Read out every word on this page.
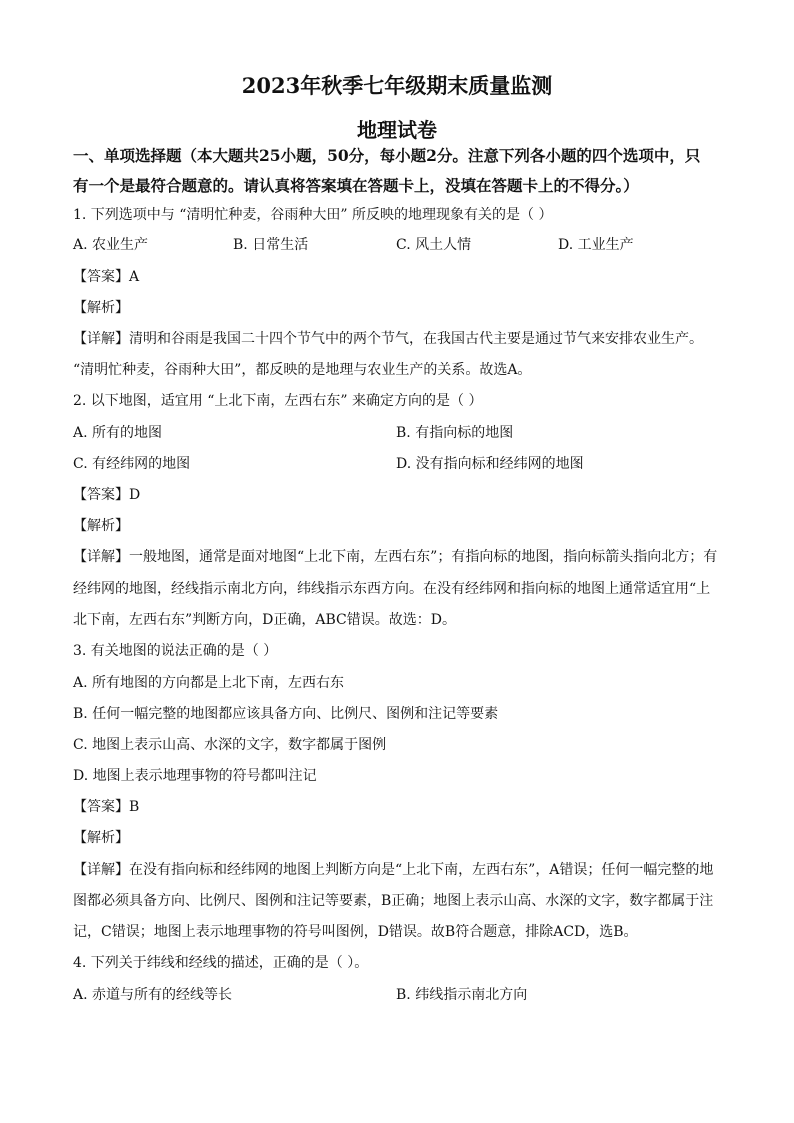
2023年秋季七年级期末质量监测
地理试卷
一、单项选择题（本大题共25小题，50分，每小题2分。注意下列各小题的四个选项中，只
有一个是最符合题意的。请认真将答案填在答题卡上，没填在答题卡上的不得分。）
1. 下列选项中与 “清明忙种麦，谷雨种大田” 所反映的地理现象有关的是（ ）
A. 农业生产	B. 日常生活	C. 风土人情	D. 工业生产
【答案】A
【解析】
【详解】清明和谷雨是我国二十四个节气中的两个节气，在我国古代主要是通过节气来安排农业生产。
“清明忙种麦，谷雨种大田”，都反映的是地理与农业生产的关系。故选A。
2. 以下地图，适宜用 “上北下南，左西右东” 来确定方向的是（ ）
A. 所有的地图	B. 有指向标的地图
C. 有经纬网的地图	D. 没有指向标和经纬网的地图
【答案】D
【解析】
【详解】一般地图，通常是面对地图“上北下南，左西右东”；有指向标的地图，指向标箭头指向北方；有
经纬网的地图，经线指示南北方向，纬线指示东西方向。在没有经纬网和指向标的地图上通常适宜用“上
北下南，左西右东”判断方向，D正确，ABC错误。故选：D。
3. 有关地图的说法正确的是（ ）
A. 所有地图的方向都是上北下南，左西右东
B. 任何一幅完整的地图都应该具备方向、比例尺、图例和注记等要素
C. 地图上表示山高、水深的文字，数字都属于图例
D. 地图上表示地理事物的符号都叫注记
【答案】B
【解析】
【详解】在没有指向标和经纬网的地图上判断方向是“上北下南，左西右东”，A错误；任何一幅完整的地
图都必须具备方向、比例尺、图例和注记等要素，B正确；地图上表示山高、水深的文字，数字都属于注
记，C错误；地图上表示地理事物的符号叫图例，D错误。故B符合题意，排除ACD，选B。
4. 下列关于纬线和经线的描述，正确的是（ ）。
A. 赤道与所有的经线等长	B. 纬线指示南北方向
